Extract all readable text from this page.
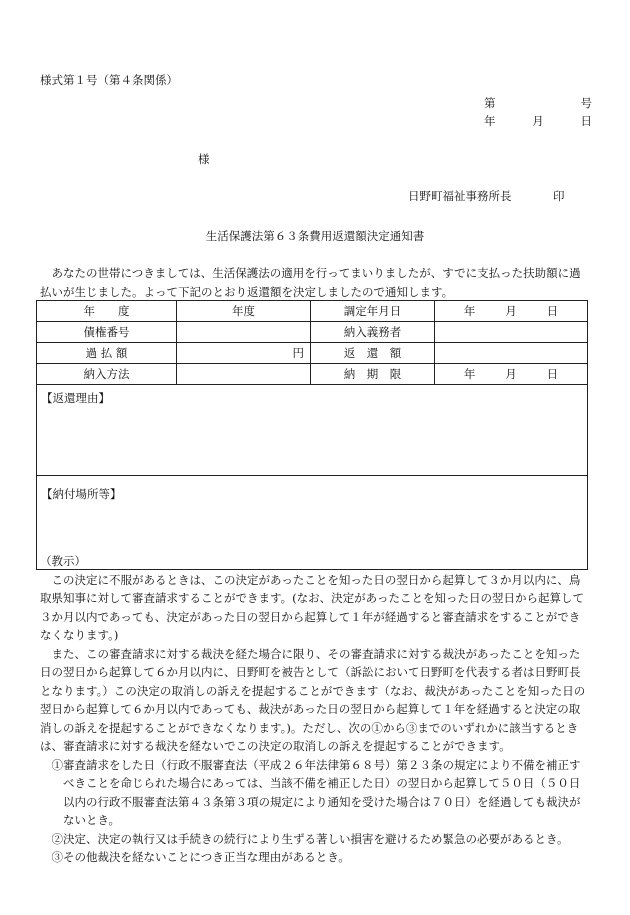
様式第１号（第４条関係）
第	号
年	月	日
様
日野町福祉事務所長	印
生活保護法第６３条費用返還額決定通知書

あなたの世帯につきましては、生活保護法の適用を行ってまいりましたが、すでに支払った扶助額に過払いが生じました。よって下記のとおり返還額を決定しましたので通知します。

年　　度	年度	調定年月日	年 月 日

債権番号		納入義務者	
過 払 額	円	返　還　額	
納入方法		納　期　限	年 月 日

【返還理由】			
【納付場所等】			

（教示）

この決定に不服があるときは、この決定があったことを知った日の翌日から起算して３か月以内に、鳥取県知事に対して審査請求することができます。(なお、決定があったことを知った日の翌日から起算して３か月以内であっても、決定があった日の翌日から起算して１年が経過すると審査請求をすることができなくなります。)

また、この審査請求に対する裁決を経た場合に限り、その審査請求に対する裁決があったことを知った日の翌日から起算して６か月以内に、日野町を被告として（訴訟において日野町を代表する者は日野町長となります。）この決定の取消しの訴えを提起することができます（なお、裁決があったことを知った日の翌日から起算して６か月以内であっても、裁決があった日の翌日から起算して１年を経過すると決定の取消しの訴えを提起することができなくなります。)。ただし、次の①から③までのいずれかに該当するときは、審査請求に対する裁決を経ないでこの決定の取消しの訴えを提起することができます。

①審査請求をした日（行政不服審査法（平成２６年法律第６８号）第２３条の規定により不備を補正すべきことを命じられた場合にあっては、当該不備を補正した日）の翌日から起算して５０日（５０日以内の行政不服審査法第４３条第３項の規定により通知を受けた場合は７０日）を経過しても裁決がないとき。

②決定、決定の執行又は手続きの続行により生ずる著しい損害を避けるため緊急の必要があるとき。

③その他裁決を経ないことにつき正当な理由があるとき。
